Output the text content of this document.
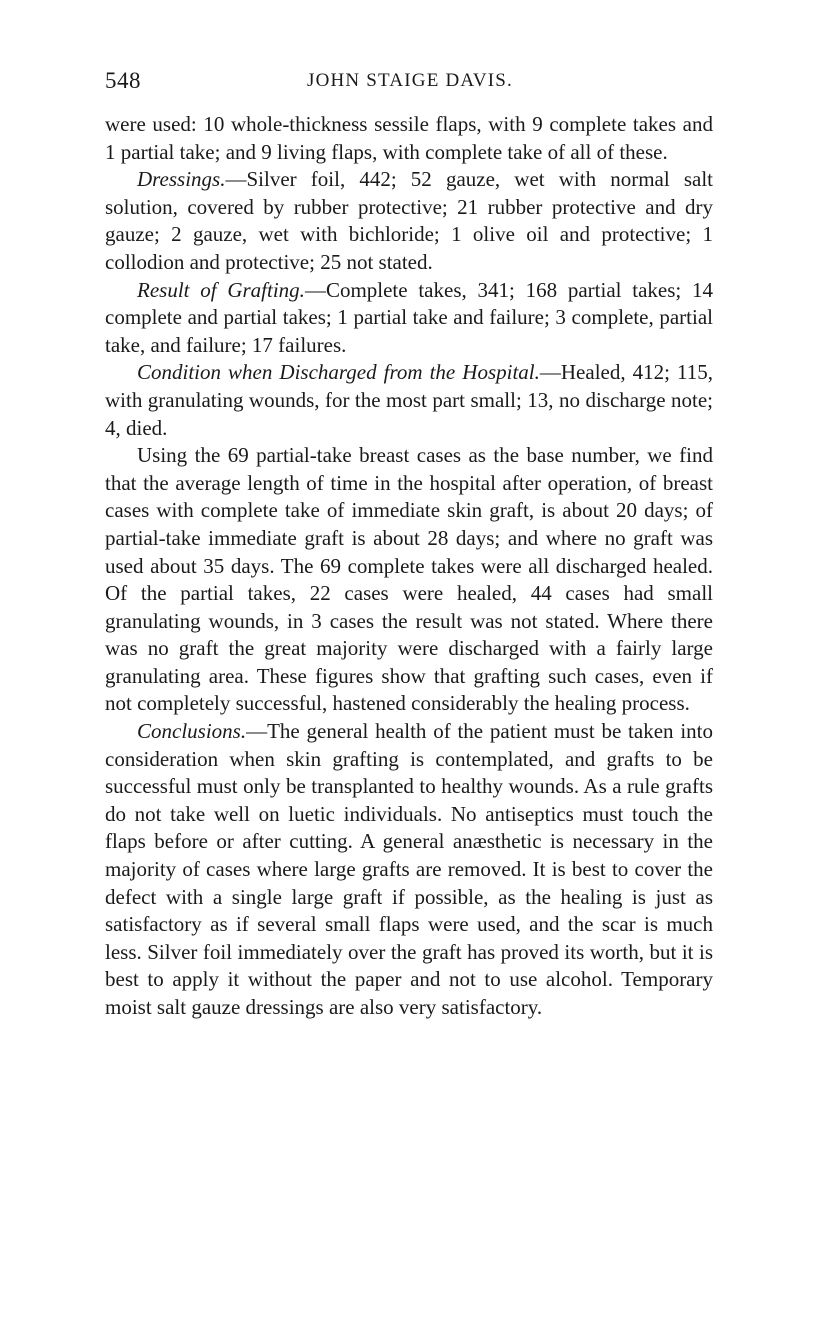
548	JOHN STAIGE DAVIS.

were used: 10 whole-thickness sessile flaps, with 9 complete takes and 1 partial take; and 9 living flaps, with complete take of all of these.

Dressings.—Silver foil, 442; 52 gauze, wet with normal salt solution, covered by rubber protective; 21 rubber protective and dry gauze; 2 gauze, wet with bichloride; 1 olive oil and protective; 1 collodion and protective; 25 not stated.

Result of Grafting.—Complete takes, 341; 168 partial takes; 14 complete and partial takes; 1 partial take and failure; 3 complete, partial take, and failure; 17 failures.

Condition when Discharged from the Hospital.—Healed, 412; 115, with granulating wounds, for the most part small; 13, no discharge note; 4, died.

Using the 69 partial-take breast cases as the base number, we find that the average length of time in the hospital after operation, of breast cases with complete take of immediate skin graft, is about 20 days; of partial-take immediate graft is about 28 days; and where no graft was used about 35 days. The 69 complete takes were all discharged healed. Of the partial takes, 22 cases were healed, 44 cases had small granulating wounds, in 3 cases the result was not stated. Where there was no graft the great majority were discharged with a fairly large granulating area. These figures show that grafting such cases, even if not completely successful, hastened considerably the healing process.

Conclusions.—The general health of the patient must be taken into consideration when skin grafting is contemplated, and grafts to be successful must only be transplanted to healthy wounds. As a rule grafts do not take well on luetic individuals. No antiseptics must touch the flaps before or after cutting. A general anæsthetic is necessary in the majority of cases where large grafts are removed. It is best to cover the defect with a single large graft if possible, as the healing is just as satisfactory as if several small flaps were used, and the scar is much less. Silver foil immediately over the graft has proved its worth, but it is best to apply it without the paper and not to use alcohol. Temporary moist salt gauze dressings are also very satisfactory.
